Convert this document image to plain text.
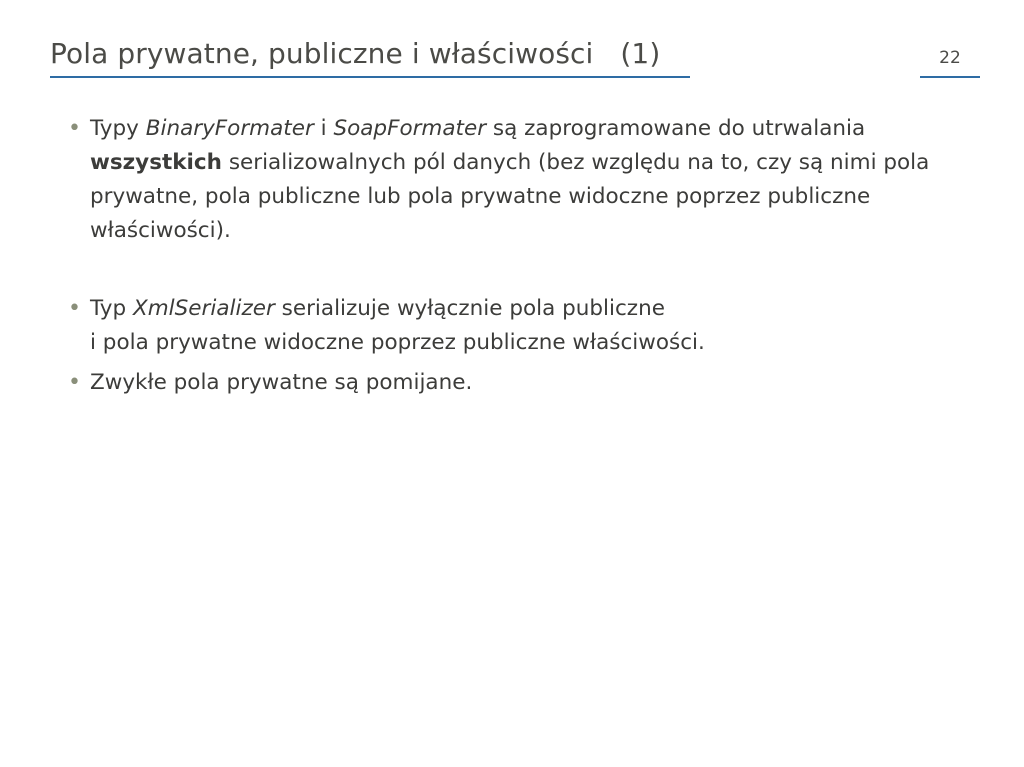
Pola prywatne, publiczne i właściwości   (1)	22
• Typy BinaryFormater i SoapFormater są zaprogramowane do utrwalania wszystkich serializowalnych pól danych (bez względu na to, czy są nimi pola prywatne, pola publiczne lub pola prywatne widoczne poprzez publiczne właściwości).
• Typ XmlSerializer serializuje wyłącznie pola publiczne
i pola prywatne widoczne poprzez publiczne właściwości.
• Zwykłe pola prywatne są pomijane.
